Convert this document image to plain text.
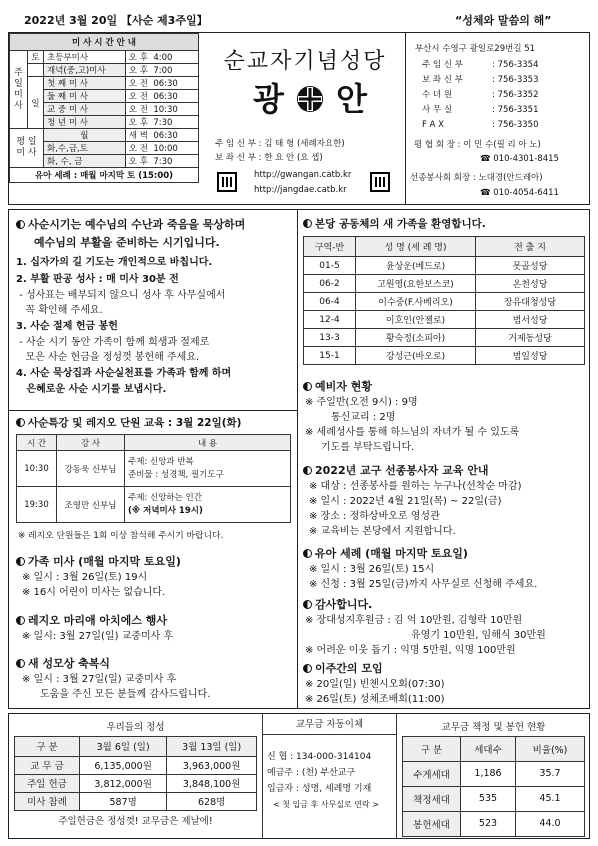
2022년 3월 20일 【사순 제3주일】	“성체와 말씀의 해”
미 사 시 간 안 내			
주
일
미
사	토	초등부미사	오 후 4:00
		재녁(중,고)미사	오 후 7:00
	일	첫 째 미 사	오 전 06:30
		둘 째 미 사	오 전 06:30
		교 중 미 사	오 전 10:30
		청 년 미 사	오 후 7:30
평 일
미 사		월	새 벽 06:30
		화,수,금,토	오 전 10:00
		화, 수, 금	오 후 7:30
유아 세례 : 매월 마지막 토 (15:00)			
순교자기념성당
광 안
주 임 신 부 : 김 태 형 (세례자요한)
보 좌 신 부 : 한 요 안 (요 셉)
http://gwangan.catb.kr
http://jangdae.catb.kr
부산시 수영구 광일로29번길 51
주 임 신 부	: 756-3354
보 좌 신 부	: 756-3353
수 녀 원	: 756-3352
사 무 실	: 756-3351
F A X	: 756-3350
평 협 회 장 : 이 민 수(필 리 아 노)
☎ 010-4301-8415
선종봉사회 회장 : 노대경(안드레아)
☎ 010-4054-6411
사순시기는 예수님의 수난과 죽음을 묵상하며
예수님의 부활을 준비하는 시기입니다.
1. 십자가의 길 기도는 개인적으로 바칩니다.
2. 부활 판공 성사 : 매 미사 30분 전
- 성사표는 배부되지 않으니 성사 후 사무실에서
꼭 확인해 주세요.
3. 사순 절제 헌금 봉헌
- 사순 시기 동안 가족이 함께 희생과 절제로
모은 사순 헌금을 정성껏 봉헌해 주세요.
4. 사순 묵상집과 사순실천표를 가족과 함께 하며
은혜로운 사순 시기를 보냅시다.
사순특강 및 레지오 단원 교육 : 3월 22일(화)
시 간	강 사	내 용
10:30	강동욱 신부님	주제: 신앙과 반복
준비물 : 성경책, 필기도구

19:30	조영만 신부님	주제: 신앙하는 인간
(※ 저녁미사 19시)
※ 레지오 단원들은 1회 이상 참석해 주시기 바랍니다.
가족 미사 (매월 마지막 토요일)
※ 일시 : 3월 26일(토) 19시
※ 16시 어린이 미사는 없습니다.
레지오 마리애 아치에스 행사
※ 일시: 3월 27일(일) 교중미사 후
새 성모상 축복식
※ 일시 : 3월 27일(일) 교중미사 후
도움을 주신 모든 분들께 감사드립니다.
본당 공동체의 새 가족을 환영합니다.
구역-반	성 명 (세 례 명)	전 출 지
01-5	윤상운(베드로)	못골성당
06-2	고원영(요한보스코)	온천성당
06-4	이수중(F.사베리오)	장유대청성당
12-4	이호인(안젤로)	범서성당
13-3	황숙정(소피아)	거제동성당
15-1	강성근(바오로)	범일성당
예비자 현황
※ 주일반(오전 9시) : 9명
통신교리 : 2명
※ 세례성사를 통해 하느님의 자녀가 될 수 있도록
기도를 부탁드립니다.
2022년 교구 선종봉사자 교육 안내
※ 대상 : 선종봉사를 원하는 누구나(선착순 마감)
※ 일시 : 2022년 4월 21일(목) ~ 22일(금)
※ 장소 : 정하상바오로 영성관
※ 교육비는 본당에서 지원합니다.
유아 세례 (매월 마지막 토요일)
※ 일시 : 3월 26일(토) 15시
※ 신청 : 3월 25일(금)까지 사무실로 신청해 주세요.
감사합니다.
※ 장대성지후원금 : 김 억 10만원, 김형락 10만원
유영기 10만원, 임해식 30만원
※ 어려운 이웃 돕기 : 익명 5만원, 익명 100만원
이주간의 모임
※ 20일(일) 빈첸시오회(07:30)
※ 26일(토) 성체조배회(11:00)
우리들의 정성		
구 분	3월 6일 (일)	3월 13일 (일)
교 무 금	6,135,000원	3,963,000원
주일 헌금	3,812,000원	3,848,100원
미사 참례	587명	628명
주일헌금은 정성껏! 교무금은 제날에!		
교무금 자동이체
신 협 : 134-000-314104
예금주 : (천) 부산교구
입금자 : 성명, 세례명 기재
< 첫 입금 후 사무실로 연락 >
교무금 책정 및 봉헌 현황		
구 분	세대수	비율(%)
수게세대	1,186	35.7
책정세대	535	45.1
봉헌세대	523	44.0
